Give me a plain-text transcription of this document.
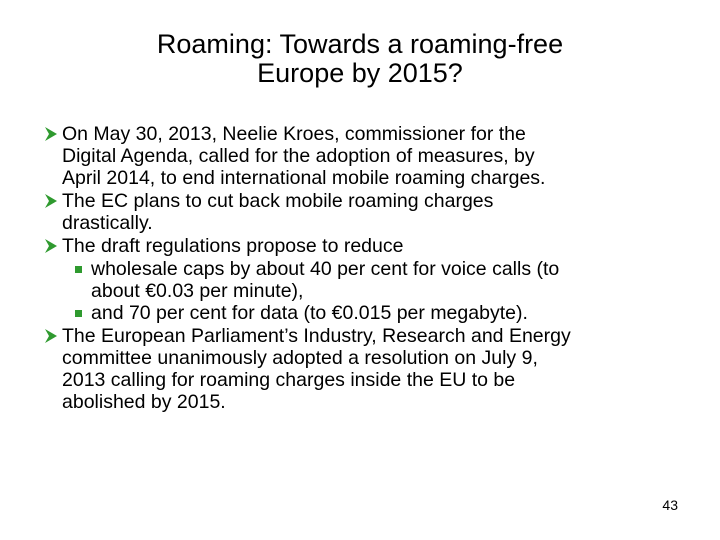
Roaming: Towards a roaming-free
Europe by 2015?
On May 30, 2013, Neelie Kroes, commissioner for the
Digital Agenda, called for the adoption of measures, by
April 2014, to end international mobile roaming charges.
The EC plans to cut back mobile roaming charges
drastically.
The draft regulations propose to reduce
wholesale caps by about 40 per cent for voice calls (to
about €0.03 per minute),
and 70 per cent for data (to €0.015 per megabyte).
The European Parliament’s Industry, Research and Energy
committee unanimously adopted a resolution on July 9,
2013 calling for roaming charges inside the EU to be
abolished by 2015.
43
